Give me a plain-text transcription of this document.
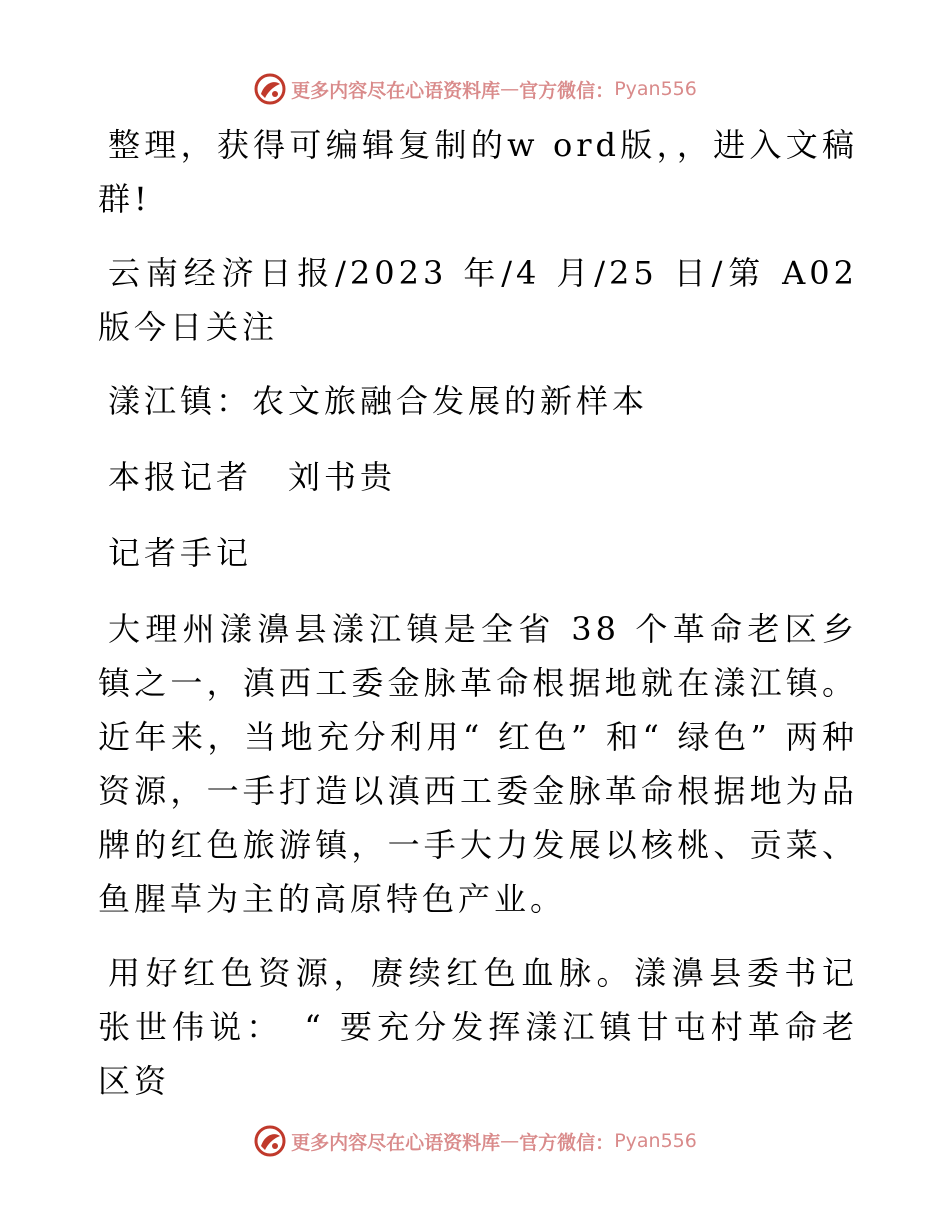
更多内容尽在心语资料库 — 官方微信： Pyan556

整理，获得可编辑复制的w ord版，，进入文稿群!

云南经济日报/2023 年/4 月/25 日/第 A02 版今日关注

漾江镇：农文旅融合发展的新样本

本报记者　刘书贵

记者手记

大理州漾濞县漾江镇是全省 38 个革命老区乡镇之一，滇西工委金脉革命根据地就在漾江镇。近年来，当地充分利用“ 红色” 和“ 绿色” 两种资源，一手打造以滇西工委金脉革命根据地为品牌的红色旅游镇，一手大力发展以核桃、贡菜、鱼腥草为主的高原特色产业。

用好红色资源，赓续红色血脉。漾濞县委书记张世伟说：　“ 要充分发挥漾江镇甘屯村革命老区资

更多内容尽在心语资料库 — 官方微信： Pyan556
